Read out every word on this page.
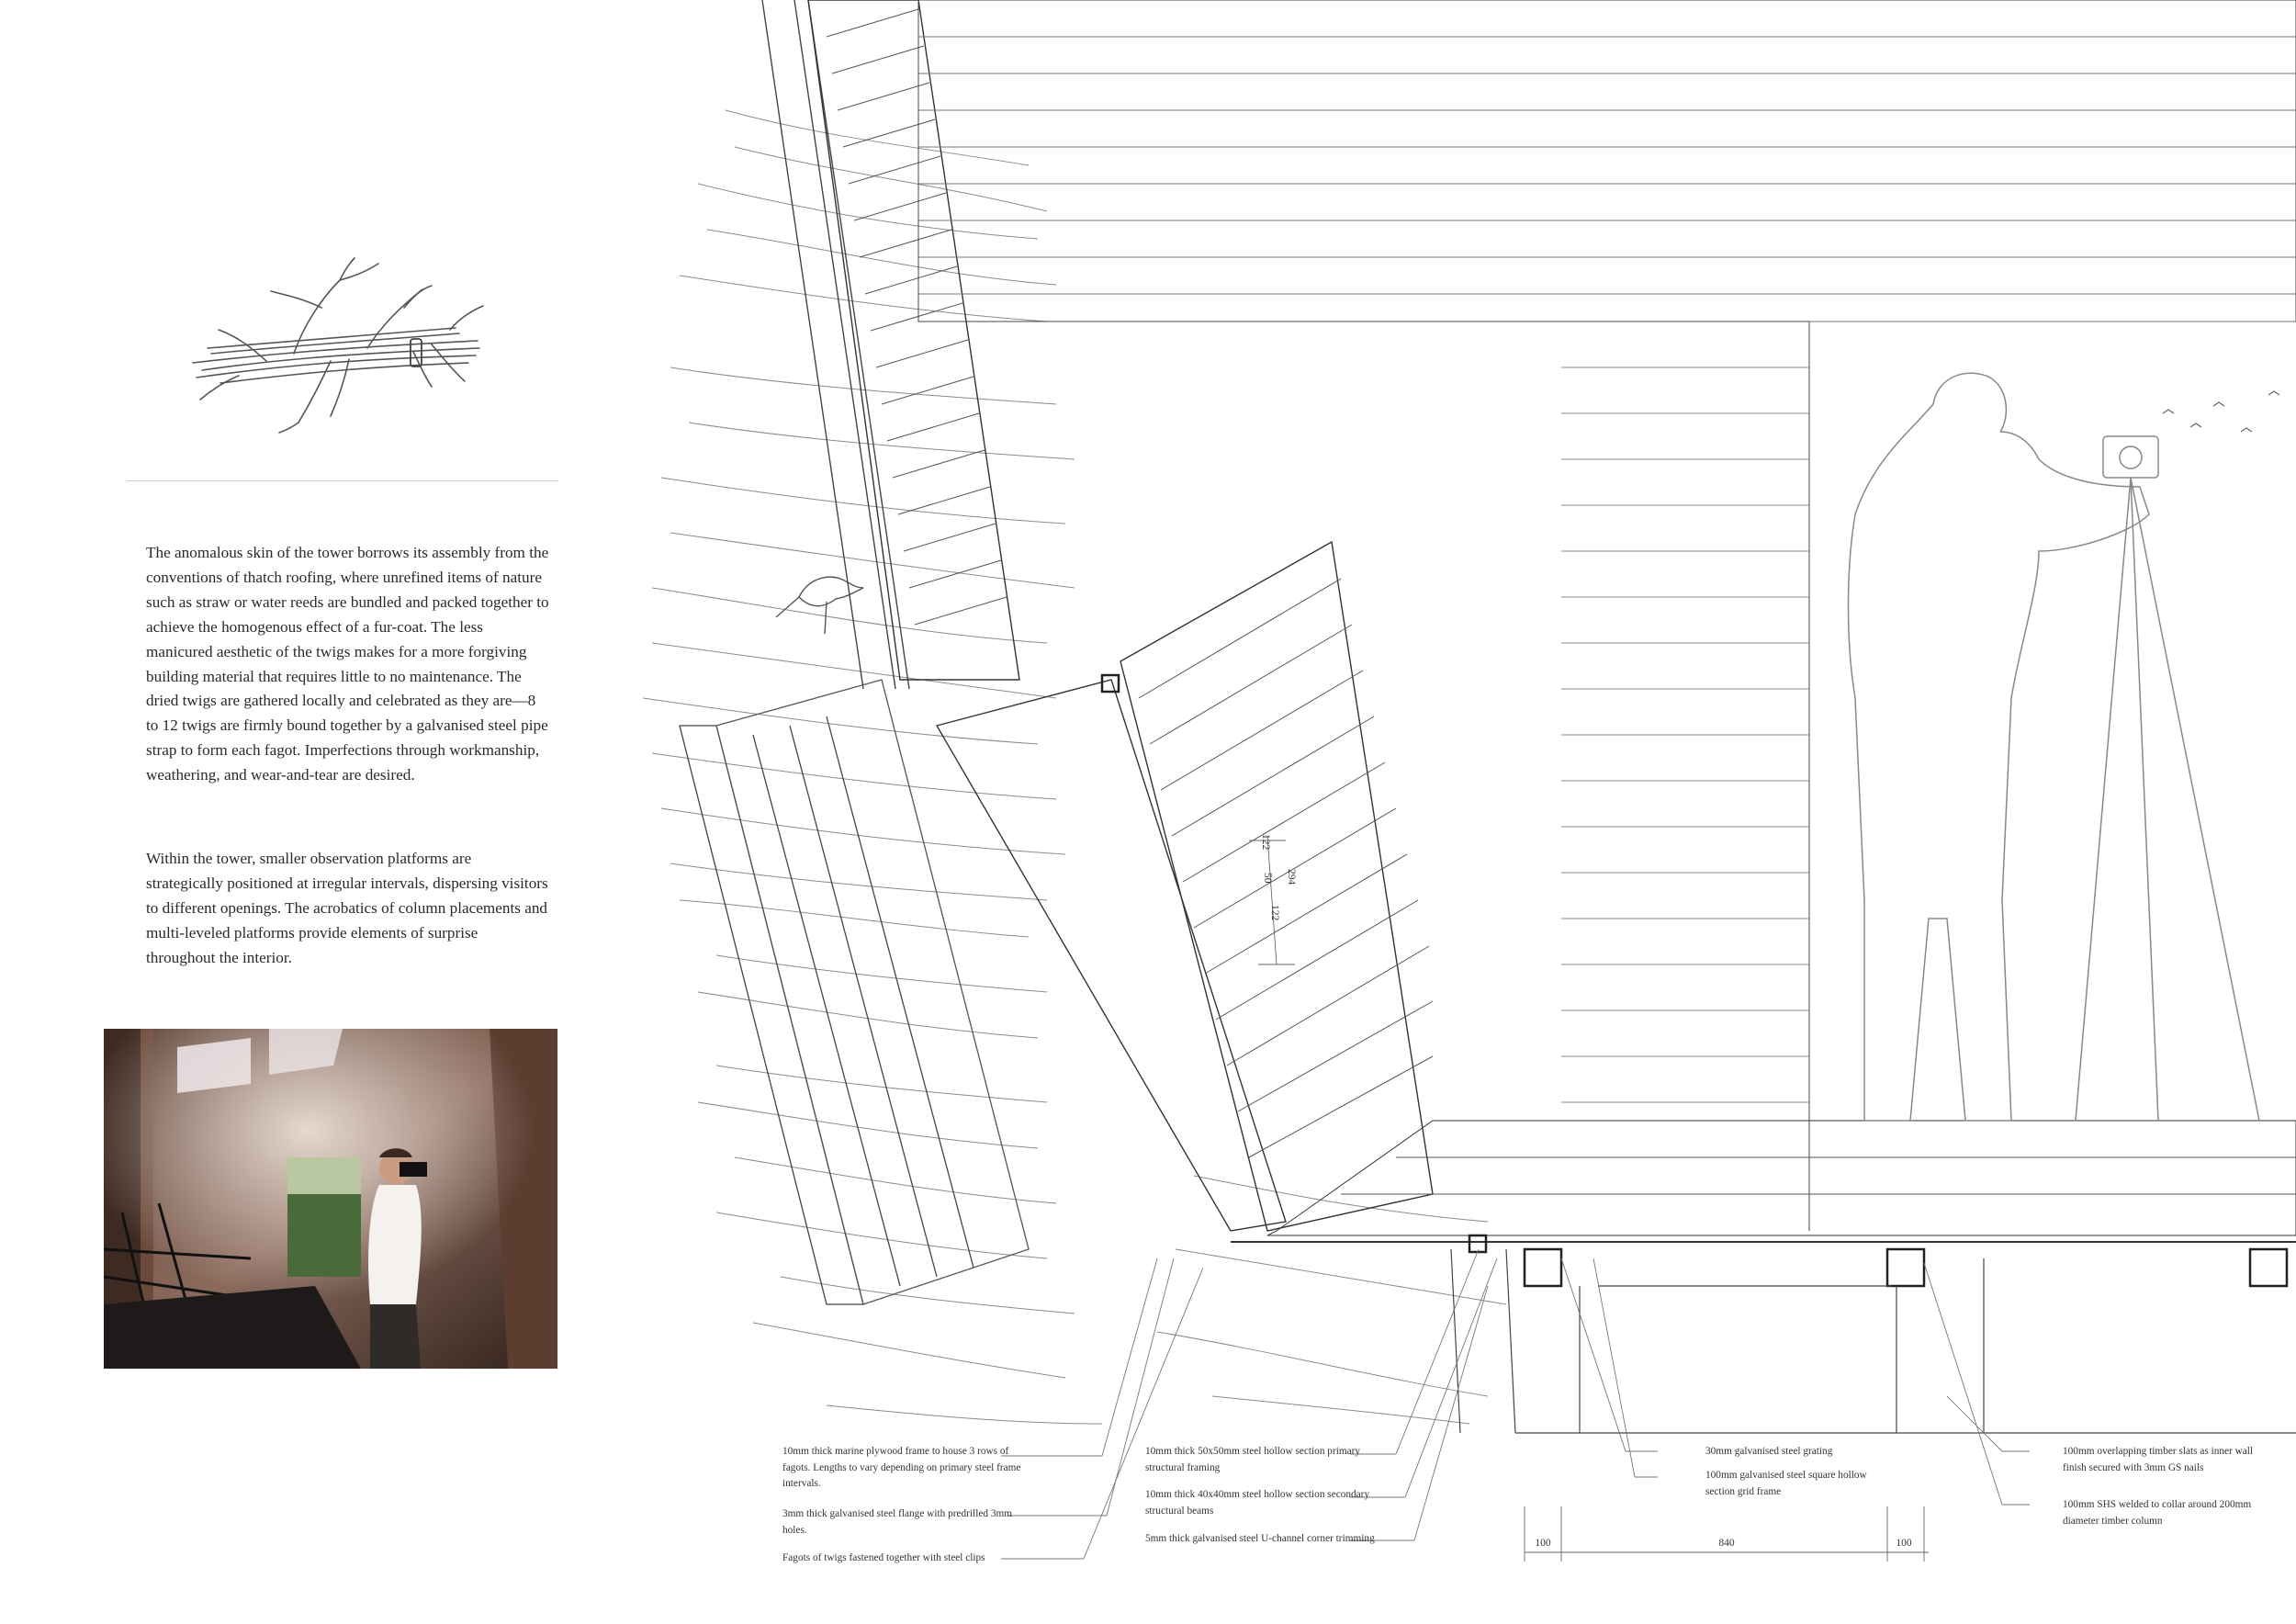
The anomalous skin of the tower borrows its assembly from the conventions of thatch roofing, where unrefined items of nature such as straw or water reeds are bundled and packed together to achieve the homogenous effect of a fur-coat. The less manicured aesthetic of the twigs makes for a more forgiving building material that requires little to no maintenance. The dried twigs are gathered locally and celebrated as they are—8 to 12 twigs are firmly bound together by a galvanised steel pipe strap to form each fagot. Imperfections through workmanship, weathering, and wear-and-tear are desired.

Within the tower, smaller observation platforms are strategically positioned at irregular intervals, dispersing visitors to different openings. The acrobatics of column placements and multi-leveled platforms provide elements of surprise throughout the interior.

10mm thick marine plywood frame to house 3 rows of fagots. Lengths to vary depending on primary steel frame intervals.

3mm thick galvanised steel flange with predrilled 3mm holes.

Fagots of twigs fastened together with steel clips

10mm thick 50x50mm steel hollow section primary structural framing

10mm thick 40x40mm steel hollow section secondary structural beams

5mm thick galvanised steel U-channel corner trimming

30mm galvanised steel grating

100mm galvanised steel square hollow section grid frame

100mm overlapping timber slats as inner wall finish secured with 3mm GS nails

100mm SHS welded to collar around 200mm diameter timber column

100	840	100
294
122
50
122
